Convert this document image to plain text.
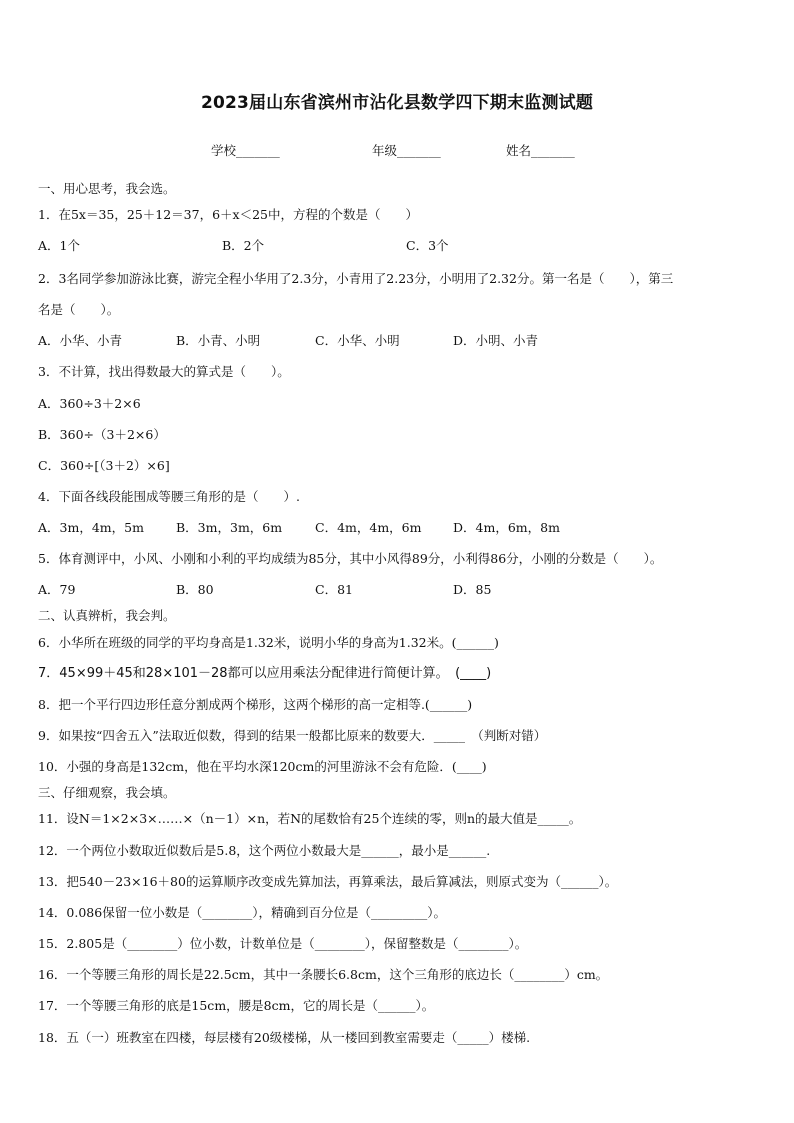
2023届山东省滨州市沾化县数学四下期末监测试题
学校_______	年级_______	姓名_______
一、用心思考，我会选。
1．在5x＝35，25＋12＝37，6＋x＜25中，方程的个数是（　　）
A．1个	B．2个	C．3个
2．3名同学参加游泳比赛，游完全程小华用了2.3分，小青用了2.23分，小明用了2.32分。第一名是（　　），第三
名是（　　）。
A．小华、小青	B．小青、小明	C．小华、小明	D．小明、小青
3．不计算，找出得数最大的算式是（　　）。
A．360÷3＋2×6
B．360÷（3＋2×6）
C．360÷[（3＋2）×6]
4．下面各线段能围成等腰三角形的是（　　）.
A．3m，4m，5m	B．3m，3m，6m	C．4m，4m，6m	D．4m，6m，8m
5．体育测评中，小风、小刚和小利的平均成绩为85分，其中小风得89分，小利得86分，小刚的分数是（　　）。
A．79	B．80	C．81	D．85
二、认真辨析，我会判。
6．小华所在班级的同学的平均身高是1.32米，说明小华的身高为1.32米。(______)
7．45×99＋45和28×101－28都可以应用乘法分配律进行简便计算。　(____)
8．把一个平行四边形任意分割成两个梯形，这两个梯形的高一定相等.(______)
9．如果按“四舍五入”法取近似数，得到的结果一般都比原来的数要大．_____　（判断对错）
10．小强的身高是132cm，他在平均水深120cm的河里游泳不会有危险．(____)
三、仔细观察，我会填。
11．设N＝1×2×3×……×（n－1）×n，若N的尾数恰有25个连续的零，则n的最大值是_____。
12．一个两位小数取近似数后是5.8，这个两位小数最大是______，最小是______.
13．把540－23×16＋80的运算顺序改变成先算加法，再算乘法，最后算减法，则原式变为（______）。
14．0.086保留一位小数是（________），精确到百分位是（_________）。
15．2.805是（________）位小数，计数单位是（________），保留整数是（________）。
16．一个等腰三角形的周长是22.5cm，其中一条腰长6.8cm，这个三角形的底边长（________）cm。
17．一个等腰三角形的底是15cm，腰是8cm，它的周长是（______）。
18．五（一）班教室在四楼，每层楼有20级楼梯，从一楼回到教室需要走（_____）楼梯.
